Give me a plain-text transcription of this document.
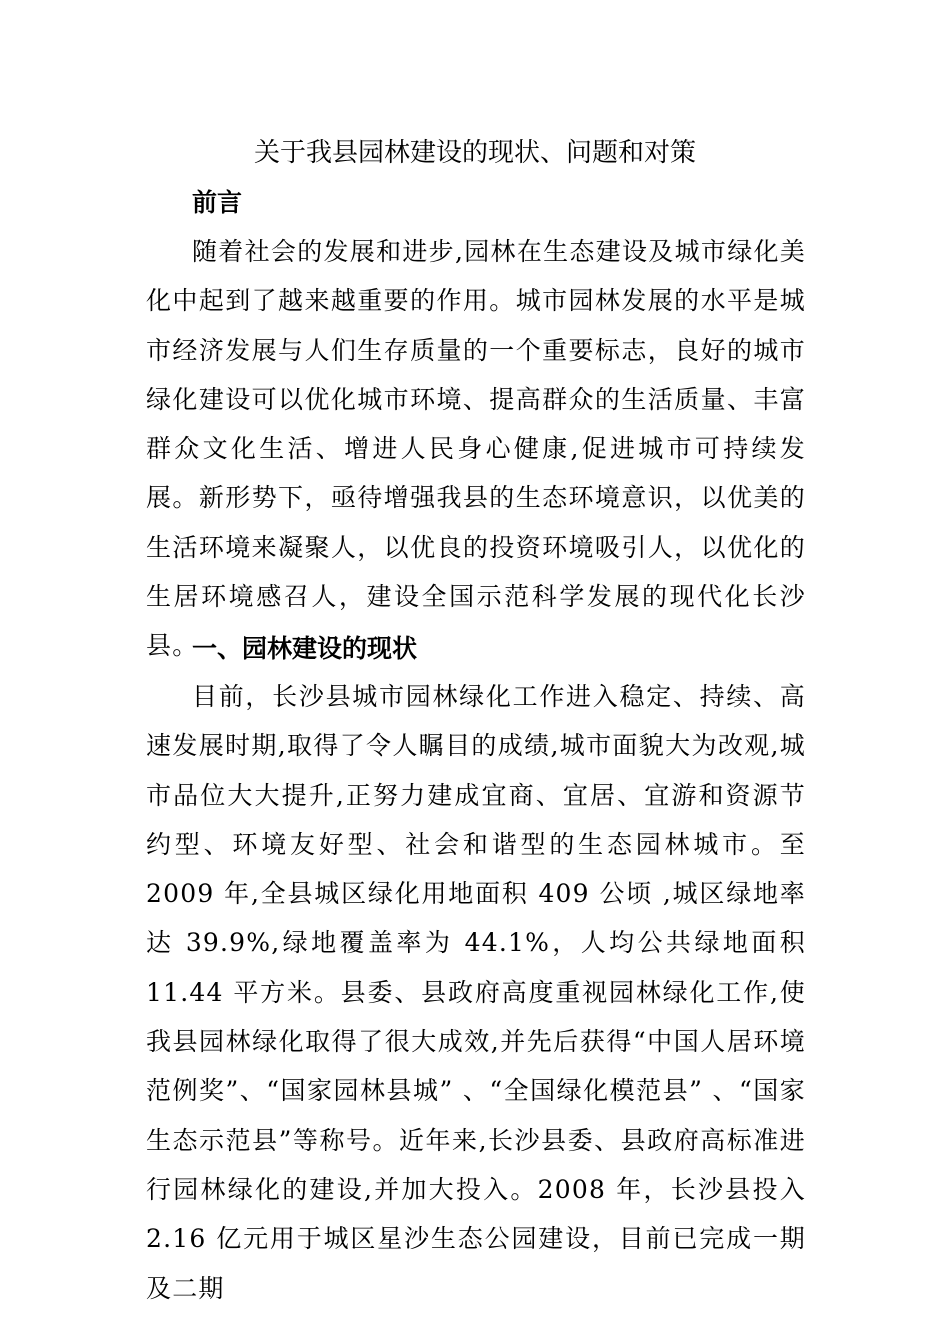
关于我县园林建设的现状、问题和对策
前言

随着社会的发展和进步,园林在生态建设及城市绿化美化中起到了越来越重要的作用。城市园林发展的水平是城市经济发展与人们生存质量的一个重要标志，良好的城市绿化建设可以优化城市环境、提高群众的生活质量、丰富群众文化生活、增进人民身心健康,促进城市可持续发展。新形势下，亟待增强我县的生态环境意识，以优美的生活环境来凝聚人，以优良的投资环境吸引人，以优化的生居环境感召人，建设全国示范科学发展的现代化长沙县。

一、园林建设的现状

目前，长沙县城市园林绿化工作进入稳定、持续、高速发展时期,取得了令人瞩目的成绩,城市面貌大为改观,城市品位大大提升,正努力建成宜商、宜居、宜游和资源节约型、环境友好型、社会和谐型的生态园林城市。至 2009 年,全县城区绿化用地面积 409 公顷 ,城区绿地率达 39.9%,绿地覆盖率为 44.1%，人均公共绿地面积 11.44 平方米。县委、县政府高度重视园林绿化工作,使我县园林绿化取得了很大成效,并先后获得“中国人居环境范例奖”、“国家园林县城” 、“全国绿化模范县” 、“国家生态示范县”等称号。近年来,长沙县委、县政府高标准进行园林绿化的建设,并加大投入。2008 年，长沙县投入 2.16 亿元用于城区星沙生态公园建设，目前已完成一期及二期
